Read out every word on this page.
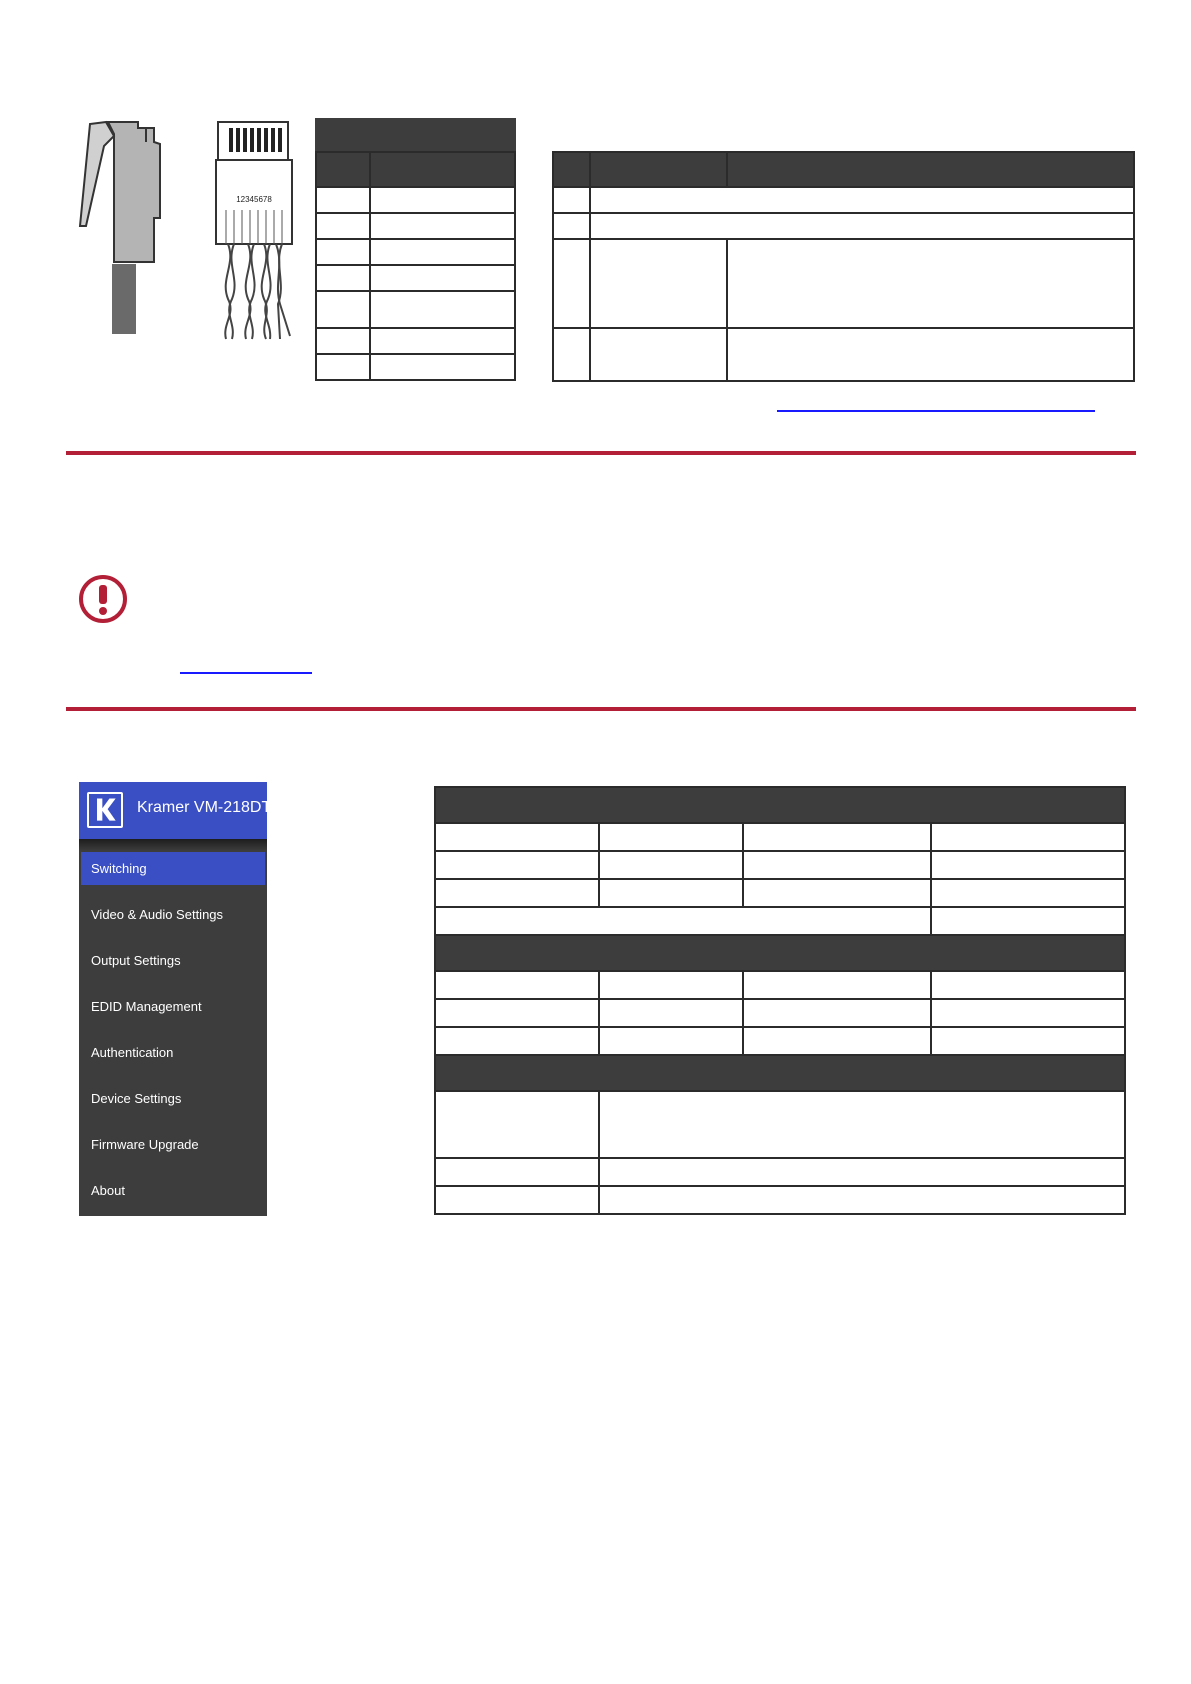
12345678

Kramer VM-218DT
Switching
Video & Audio Settings
Output Settings
EDID Management
Authentication
Device Settings
Firmware Upgrade
About
